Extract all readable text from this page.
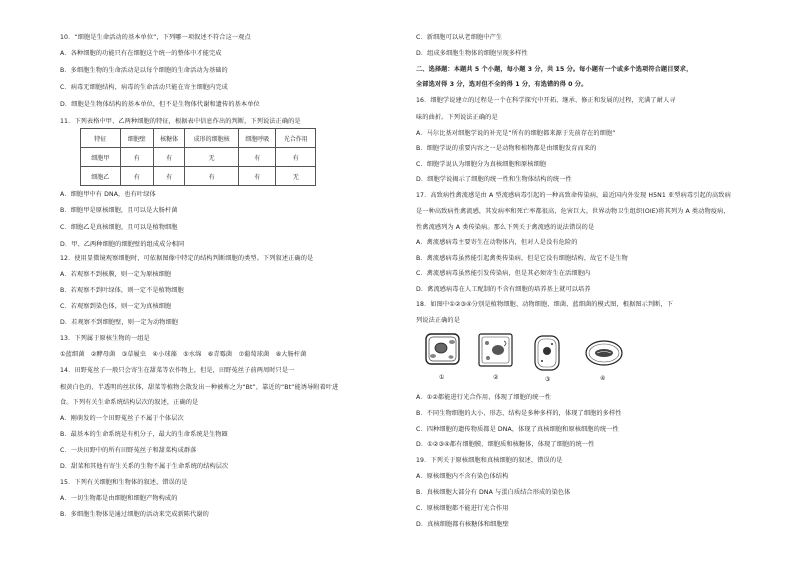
10．“细胞是生命活动的基本单位”，下列哪一项叙述不符合这一观点
A．各种细胞的功能只有在细胞这个统一的整体中才能完成
B．多细胞生物的生命活动是以每个细胞的生命活动为基础的
C．病毒无细胞结构，病毒的生命活动只能在寄主细胞内完成
D．细胞是生物体结构的基本单位，但不是生物体代谢和遗传的基本单位
11．下列表格中甲、乙两种细胞的特征，根据表中信息作出的判断，下列说法正确的是
特征	细胞壁	核糖体	成形的细胞核	细胞呼吸	光合作用
细胞甲	有	有	无	有	有
细胞乙	有	有	有	有	无
A．细胞甲中有 DNA，也有叶绿体
B．细胞甲是原核细胞，且可以是大肠杆菌
C．细胞乙是真核细胞，且可以是植物细胞
D．甲、乙两种细胞的细胞壁的组成成分相同
12．使用显微镜观察细胞时，可依据图像中特定的结构判断细胞的类型。下列叙述正确的是
A．若观察不到核膜，则一定为原核细胞
B．若观察不到叶绿体，则一定不是植物细胞
C．若观察到染色体，则一定为真核细胞
D．若观察不到细胞壁，则一定为动物细胞
13．下列属于原核生物的一组是
①蓝细菌　②酵母菌　③草履虫　④小球藻　⑤水绵　⑥青霉菌　⑦葡萄球菌　⑧大肠杆菌
14．田野菟丝子一般只会寄生在甜菜等农作物上，但是，田野菟丝子前两周时只是一
根黄白色的、半透明的丝状体，甜菜等植物会散发出一种被称之为“Bt”，靠近的“Bt”能诱导附着叶进
食。下列有关生命系统结构层次的叙述，正确的是
A．刚萌发的一个田野菟丝子不属于个体层次
B．最基本的生命系统是有机分子，最大的生命系统是生物圈
C．一块田野中的所有田野菟丝子和甜菜构成群落
D．甜菜和其他有寄生关系的生物不属于生命系统的结构层次
15．下列有关细胞和生物体的叙述，错误的是
A．一切生物都是由细胞和细胞产物构成的
B．多细胞生物体是通过细胞的活动来完成新陈代谢的
C．新细胞可以从老细胞中产生
D．组成多细胞生物体的细胞呈现多样性
二、选择题：本题共 5 个小题，每小题 3 分，共 15 分。每小题有一个或多个选项符合题目要求，
全部选对得 3 分，选对但不全的得 1 分，有选错的得 0 分。
16．细胞学说建立的过程是一个在科学探究中开拓、继承、修正和发展的过程，充满了耐人寻
味的曲折。下列说法正确的是
A．马尔比基对细胞学说的补充是“所有的细胞都来源于先前存在的细胞”
B．细胞学说的重要内容之一是动物和植物都是由细胞发育而来的
C．细胞学说认为细胞分为真核细胞和原核细胞
D．细胞学说揭示了细胞的统一性和生物体结构的统一性
17．高致病性禽流感是由 A 型流感病毒引起的一种高致命传染病，最近国内外发现 H5N1 亚型病毒引起的高致病
是一种高致病性禽流感，其发病率和死亡率都很高，危害巨大。世界动物卫生组织(OIE)将其列为 A 类动物疫病，
性禽流感列为 A 类传染病。那么下列关于禽流感的说法错误的是
A．禽流感病毒主要寄生在动物体内，但对人是没有危险的
B．禽流感病毒虽然能引起禽类传染病，但是它没有细胞结构，故它不是生物
C．禽流感病毒虽然能引发传染病，但是其必须寄生在活细胞内
D．禽流感病毒在人工配制的不含有细胞的培养基上就可以培养
18．如图中①②③④分别是植物细胞、动物细胞、细菌、蓝细菌的模式图，根据图示判断，下
列说法正确的是
①	②	③	④
A．①②都能进行光合作用，体现了细胞的统一性
B．不同生物细胞的大小、形态、结构是多种多样的，体现了细胞的多样性
C．四种细胞的遗传物质都是 DNA，体现了真核细胞和原核细胞的统一性
D．①②③④都有细胞膜、细胞质和核糖体，体现了细胞的统一性
19．下列关于原核细胞和真核细胞的叙述，错误的是
A．原核细胞内不含有染色体结构
B．真核细胞大部分有 DNA 与蛋白质结合形成的染色体
C．原核细胞都不能进行光合作用
D．真核细胞都有核糖体和细胞壁
